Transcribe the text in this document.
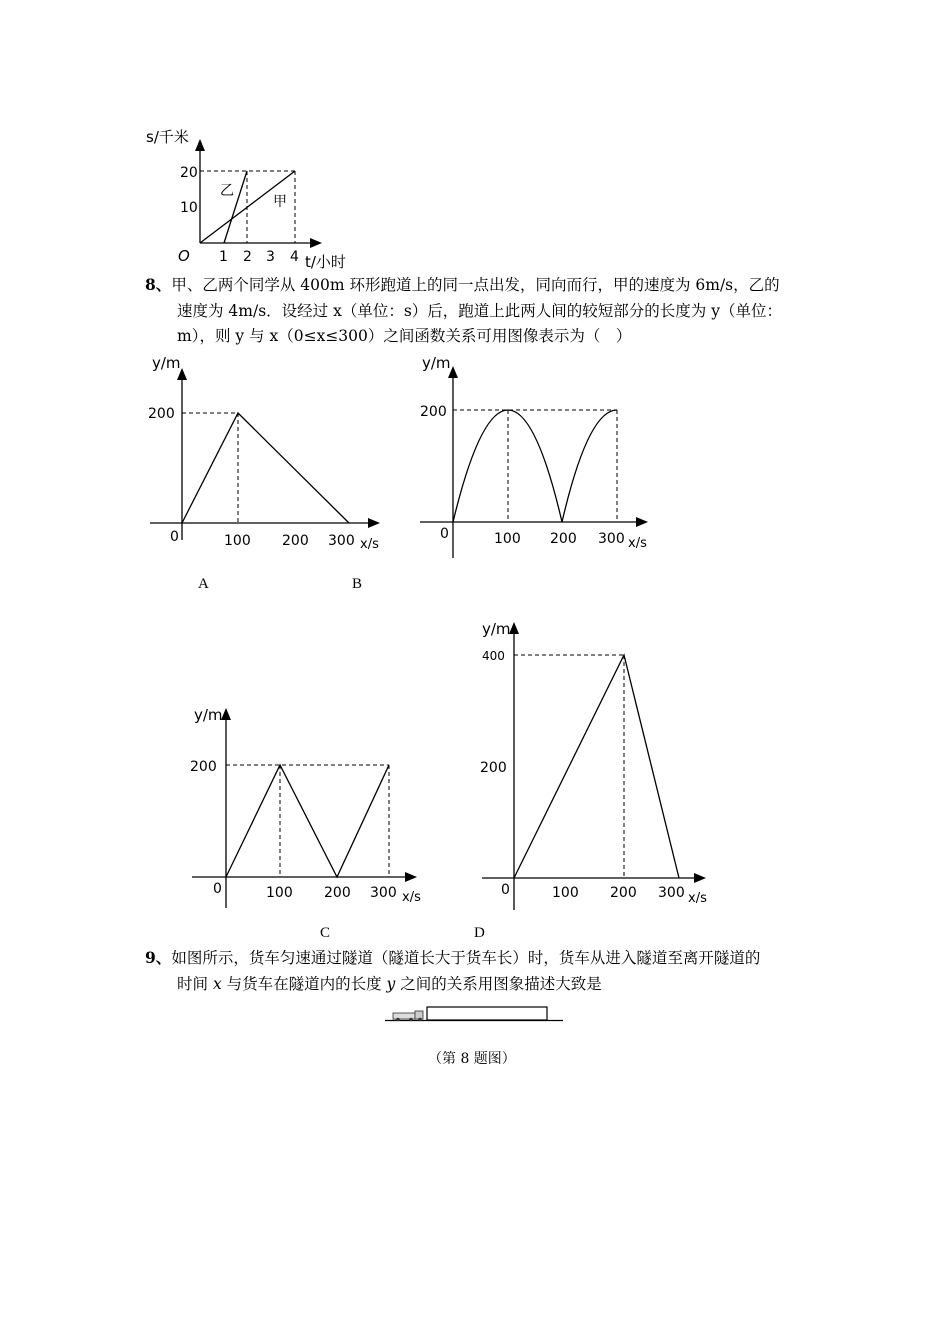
s/千米
20
10
O 1 2 3 4 t/小时
乙
甲
8、甲、乙两个同学从 400m 环形跑道上的同一点出发，同向而行，甲的速度为 6m/s，乙的
速度为 4m/s．设经过 x（单位：s）后，跑道上此两人间的较短部分的长度为 y（单位：
m），则 y 与 x（0≤x≤300）之间函数关系可用图像表示为（　）
y/m
200
0	100 200 300 x/s
A
y/m
200
0	100 200 300 x/s
B
y/m
200
0	100 200 300 x/s
C
y/m
400
200
0	100 200 300 x/s
D
9、如图所示，货车匀速通过隧道（隧道长大于货车长）时，货车从进入隧道至离开隧道的
时间 x 与货车在隧道内的长度 y 之间的关系用图象描述大致是
（第 8 题图）
